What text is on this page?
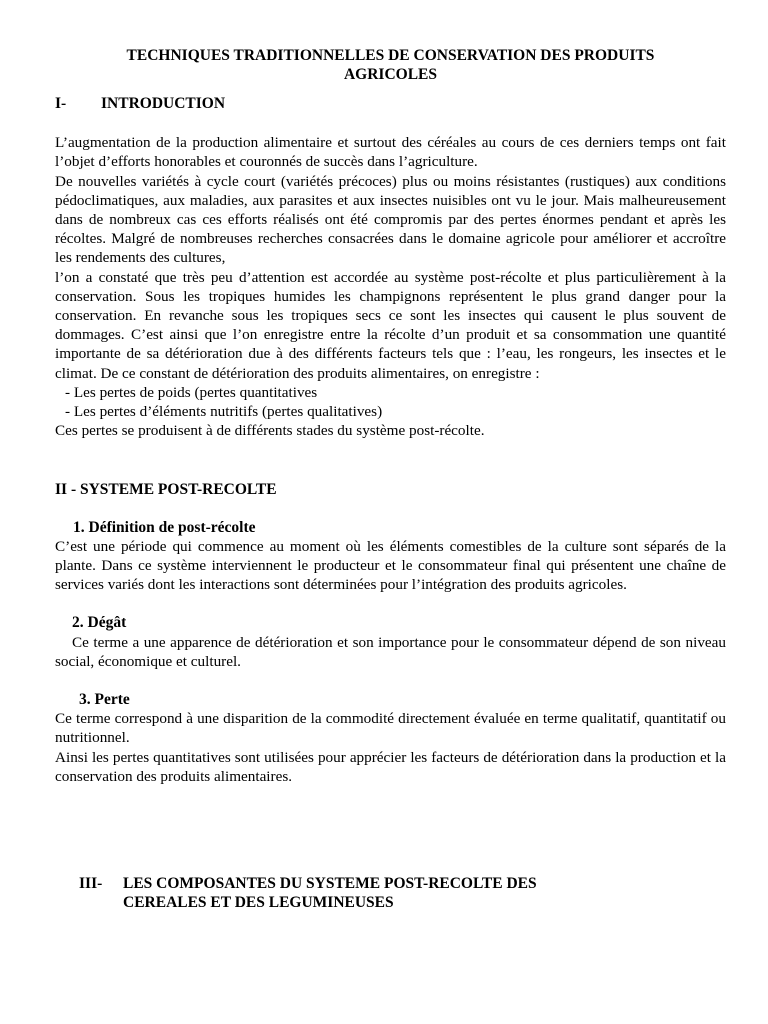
TECHNIQUES TRADITIONNELLES DE CONSERVATION DES PRODUITS
AGRICOLES
I- INTRODUCTION

L’augmentation de la production alimentaire et surtout des céréales au cours de ces derniers temps ont fait l’objet d’efforts honorables et couronnés de succès dans l’agriculture.

De nouvelles variétés à cycle court (variétés précoces) plus ou moins résistantes (rustiques) aux conditions pédoclimatiques, aux maladies, aux parasites et aux insectes nuisibles ont vu le jour. Mais malheureusement dans de nombreux cas ces efforts réalisés ont été compromis par des pertes énormes pendant et après les récoltes. Malgré de nombreuses recherches consacrées dans le domaine agricole pour améliorer et accroître les rendements des cultures,

l’on a constaté que très peu d’attention est accordée au système post-récolte et plus particulièrement à la conservation. Sous les tropiques humides les champignons représentent le plus grand danger pour la conservation. En revanche sous les tropiques secs ce sont les insectes qui causent le plus souvent de dommages. C’est ainsi que l’on enregistre entre la récolte d’un produit et sa consommation une quantité importante de sa détérioration due à des différents facteurs tels que : l’eau, les rongeurs, les insectes et le climat. De ce constant de détérioration des produits alimentaires, on enregistre :

- Les pertes de poids (pertes quantitatives
- Les pertes d’éléments nutritifs (pertes qualitatives)

Ces pertes se produisent à de différents stades du système post-récolte.

II - SYSTEME POST-RECOLTE
1. Définition de post-récolte

C’est une période qui commence au moment où les éléments comestibles de la culture sont séparés de la plante. Dans ce système interviennent le producteur et le consommateur final qui présentent une chaîne de services variés dont les interactions sont déterminées pour l’intégration des produits agricoles.

2. Dégât

Ce terme a une apparence de détérioration et son importance pour le consommateur dépend de son niveau social, économique et culturel.

3. Perte

Ce terme correspond à une disparition de la commodité directement évaluée en terme qualitatif, quantitatif ou nutritionnel.

Ainsi les pertes quantitatives sont utilisées pour apprécier les facteurs de détérioration dans la production et la conservation des produits alimentaires.

III- LES COMPOSANTES DU SYSTEME POST-RECOLTE DES
CEREALES ET DES LEGUMINEUSES
